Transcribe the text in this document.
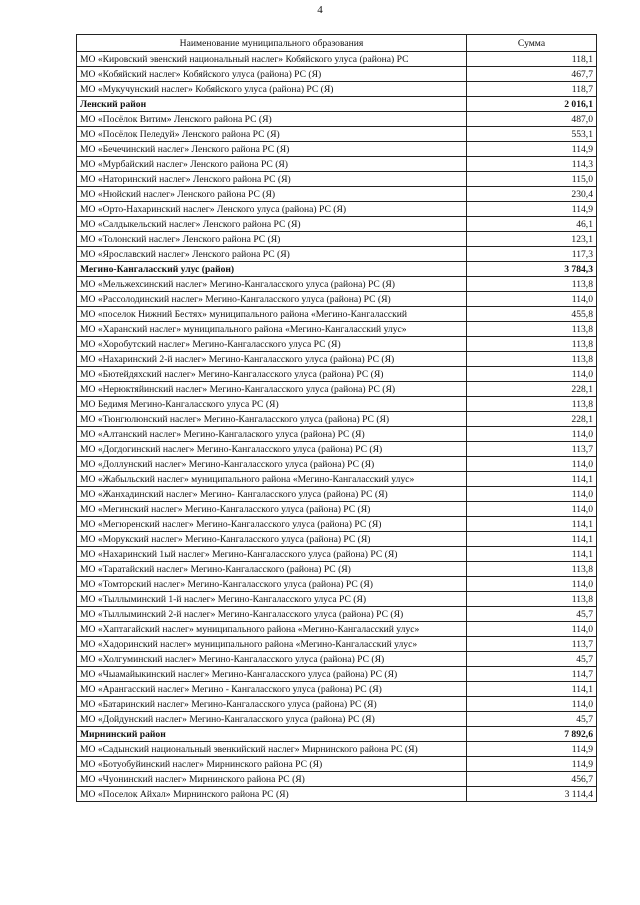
4
Наименование муниципального образования	Сумма
МО «Кировский эвенский национальный наслег» Кобяйского улуса (района) РС	118,1
МО «Кобяйский наслег» Кобяйского улуса (района) РС (Я)	467,7
МО «Мукучунский наслег» Кобяйского улуса (района) РС (Я)	118,7
Ленский район	2 016,1
МО «Посёлок Витим» Ленского района РС (Я)	487,0
МО «Посёлок Пеледуй» Ленского района РС (Я)	553,1
МО «Бечечинский наслег» Ленского района РС (Я)	114,9
МО «Мурбайский наслег» Ленского района РС (Я)	114,3
МО «Наторинский наслег» Ленского района РС (Я)	115,0
МО «Нюйский наслег» Ленского района РС (Я)	230,4
МО «Орто-Нахаринский наслег» Ленского улуса (района) РС (Я)	114,9
МО «Салдыкельский наслег» Ленского района РС (Я)	46,1
МО «Толонский наслег» Ленского района РС (Я)	123,1
МО «Ярославский наслег» Ленского района РС (Я)	117,3
Мегино-Кангаласский улус (район)	3 784,3
МО «Мельжехсинский наслег» Мегино-Кангаласского улуса (района) РС (Я)	113,8
МО «Рассолодинский наслег» Мегино-Кангаласского улуса (района) РС (Я)	114,0
МО «поселок Нижний Бестях» муниципального района «Мегино-Кангаласский	455,8
МО «Харанский наслег» муниципального района «Мегино-Кангаласский улус»	113,8
МО «Хоробутский наслег» Мегино-Кангаласского улуса РС (Я)	113,8
МО «Нахаринский 2-й наслег» Мегино-Кангаласского улуса (района) РС (Я)	113,8
МО «Бютейдяхский наслег» Мегино-Кангаласского улуса (района) РС (Я)	114,0
МО «Нерюктяйинский наслег» Мегино-Кангаласского улуса (района) РС (Я)	228,1
МО Бедимя Мегино-Кангаласского улуса РС (Я)	113,8
МО «Тюнгюлюнский наслег» Мегино-Кангаласского улуса (района) РС (Я)	228,1
МО «Алтанский наслег» Мегино-Кангалаского улуса (района) РС (Я)	114,0
МО «Догдогинский наслег» Мегино-Кангаласского улуса (района) РС (Я)	113,7
МО «Доллунский наслег» Мегино-Кангаласского улуса (района) РС (Я)	114,0
МО «Жабыльский наслег» муниципального района «Мегино-Кангаласский улус»	114,1
МО «Жанхадинский наслег» Мегино- Кангаласского улуса (района) РС (Я)	114,0
МО «Мегинский наслег» Мегино-Кангаласского улуса (района) РС (Я)	114,0
МО «Мегюренский наслег» Мегино-Кангаласского улуса (района) РС (Я)	114,1
МО «Морукский наслег» Мегино-Кангаласского улуса (района) РС (Я)	114,1
МО «Нахаринский 1ый наслег» Мегино-Кангаласского улуса (района) РС (Я)	114,1
МО «Таратайский наслег» Мегино-Кангаласского (района) РС (Я)	113,8
МО «Томторский наслег» Мегино-Кангаласского улуса (района) РС (Я)	114,0
МО «Тыллыминский 1-й наслег» Мегино-Кангаласского улуса РС (Я)	113,8
МО «Тыллыминский 2-й наслег» Мегино-Кангаласского улуса (района) РС (Я)	45,7
МО «Хаптагайский наслег» муниципального района «Мегино-Кангаласский улус»	114,0
МО «Хадоринский наслег» муниципального района «Мегино-Кангаласский улус»	113,7
МО «Холгуминский наслег» Мегино-Кангаласского улуса (района) РС (Я)	45,7
МО «Чыамайыкинский наслег» Мегино-Кангаласского улуса (района) РС (Я)	114,7
МО «Арангасский наслег» Мегино - Кангаласского улуса (района) РС (Я)	114,1
МО «Батаринский наслег» Мегино-Кангаласского улуса (района) РС (Я)	114,0
МО «Дойдунский наслег» Мегино-Кангаласского улуса (района) РС (Я)	45,7
Мирнинский район	7 892,6
МО «Садынский национальный эвенкийский наслег» Мирнинского района РС (Я)	114,9
МО «Ботуобуйинский наслег» Мирнинского района РС (Я)	114,9
МО «Чуонинский наслег» Мирнинского района РС (Я)	456,7
МО «Поселок Айхал» Мирнинского района РС (Я)	3 114,4
